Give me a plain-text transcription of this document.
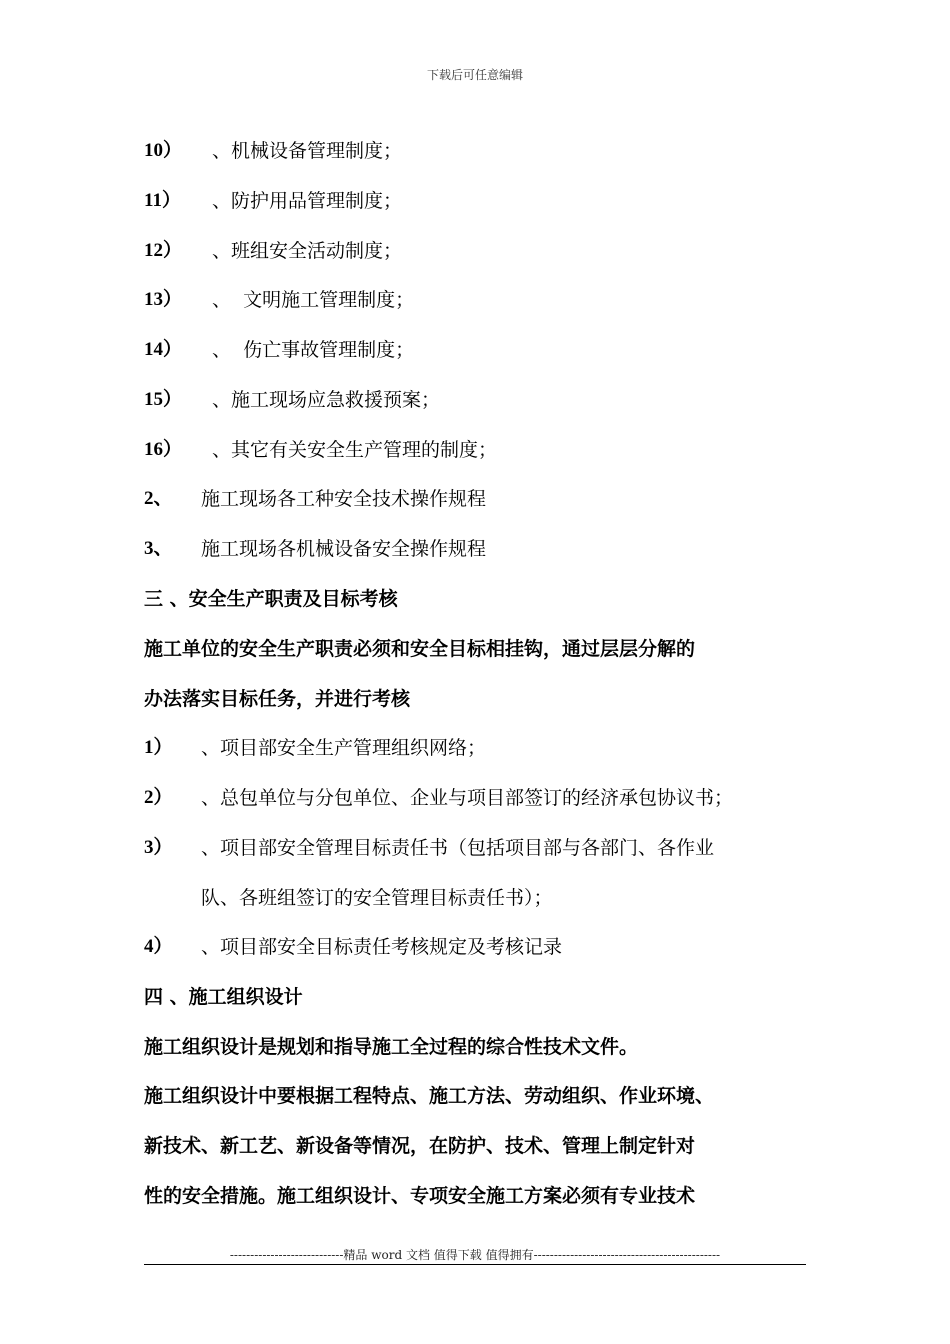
下载后可任意编辑
10） 、机械设备管理制度；
11） 、防护用品管理制度；
12） 、班组安全活动制度；
13） 、  文明施工管理制度；
14） 、  伤亡事故管理制度；
15） 、施工现场应急救援预案；
16） 、其它有关安全生产管理的制度；
2、 施工现场各工种安全技术操作规程
3、 施工现场各机械设备安全操作规程
三 、安全生产职责及目标考核
施工单位的安全生产职责必须和安全目标相挂钩，通过层层分解的
办法落实目标任务，并进行考核
1） 、项目部安全生产管理组织网络；
2） 、总包单位与分包单位、企业与项目部签订的经济承包协议书；
3） 、项目部安全管理目标责任书（包括项目部与各部门、各作业
队、各班组签订的安全管理目标责任书）；
4） 、项目部安全目标责任考核规定及考核记录
四 、施工组织设计
施工组织设计是规划和指导施工全过程的综合性技术文件。
施工组织设计中要根据工程特点、施工方法、劳动组织、作业环境、
新技术、新工艺、新设备等情况，在防护、技术、管理上制定针对
性的安全措施。施工组织设计、专项安全施工方案必须有专业技术
----------------------------精品 word 文档 值得下载 值得拥有----------------------------------------------
